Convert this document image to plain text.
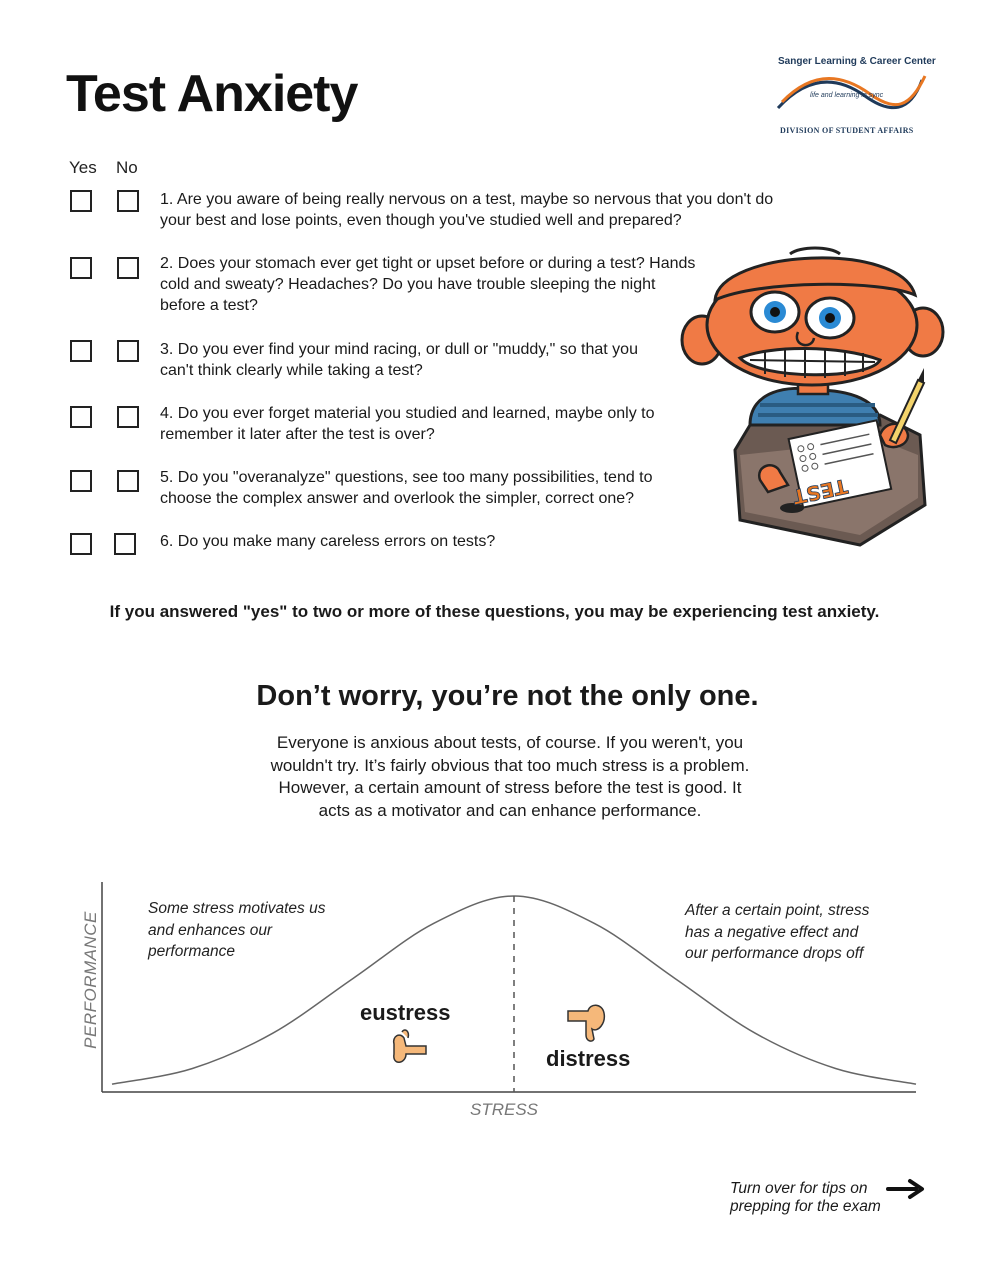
Test Anxiety
Sanger Learning & Career Center
life and learning in sync
DIVISION OF STUDENT AFFAIRS
Yes No
1. Are you aware of being really nervous on a test, maybe so nervous that you don't do
your best and lose points, even though you've studied well and prepared?
2. Does your stomach ever get tight or upset before or during a test? Hands
cold and sweaty? Headaches? Do you have trouble sleeping the night
before a test?
3. Do you ever find your mind racing, or dull or "muddy," so that you
can't think clearly while taking a test?
4. Do you ever forget material you studied and learned, maybe only to
remember it later after the test is over?
5. Do you "overanalyze" questions, see too many possibilities, tend to
choose the complex answer and overlook the simpler, correct one?
6. Do you make many careless errors on tests?
TEST
If you answered "yes" to two or more of these questions, you may be experiencing test anxiety.
Don’t worry, you’re not the only one.
Everyone is anxious about tests, of course. If you weren't, you
wouldn't try. It’s fairly obvious that too much stress is a problem.
However, a certain amount of stress before the test is good. It
acts as a motivator and can enhance performance.
PERFORMANCE
STRESS
Some stress motivates us
and enhances our
performance
After a certain point, stress
has a negative effect and
our performance drops off
eustress
distress
Turn over for tips on
prepping for the exam
